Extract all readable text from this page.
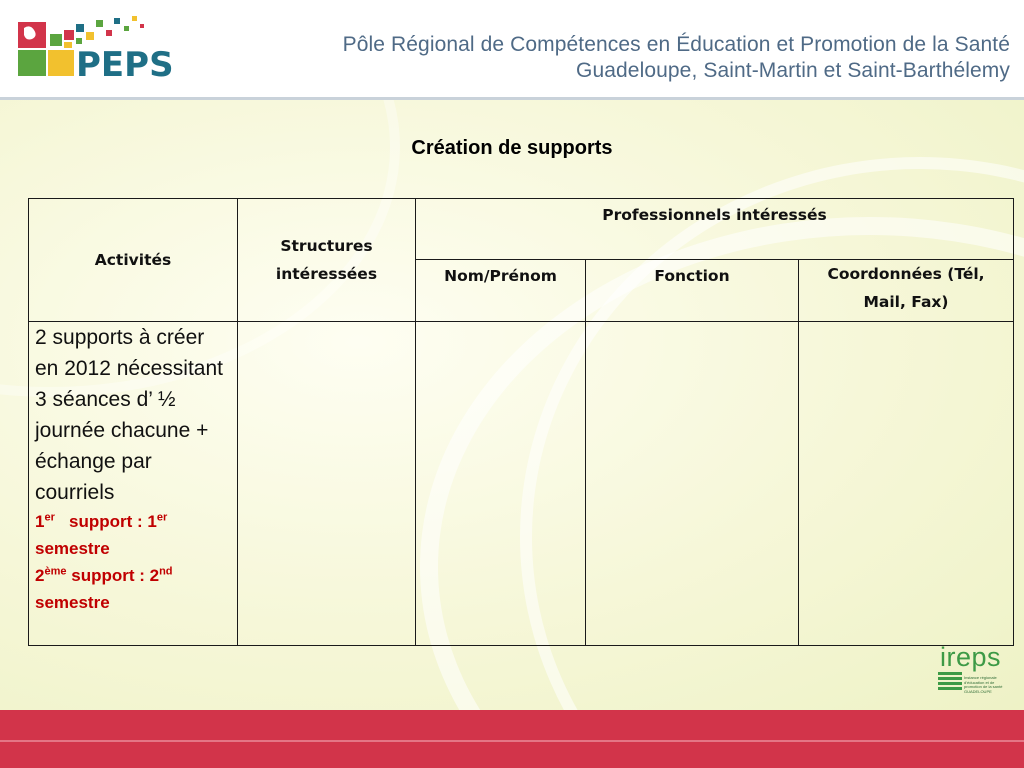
PEPS
Pôle Régional de Compétences en Éducation et Promotion de la Santé
Guadeloupe, Saint-Martin et Saint-Barthélemy
Création de supports
Activités	Structures intéressées	Professionnels intéressés		
		Nom/Prénom	Fonction	Coordonnées (Tél, Mail, Fax)
2 supports à créer en 2012 nécessitant 3 séances d’ ½ journée chacune + échange par courriels
1er support : 1er semestre
2ème support : 2nd semestre				

ireps
Instance régionale d'éducation et de promotion de la santé GUADELOUPE
